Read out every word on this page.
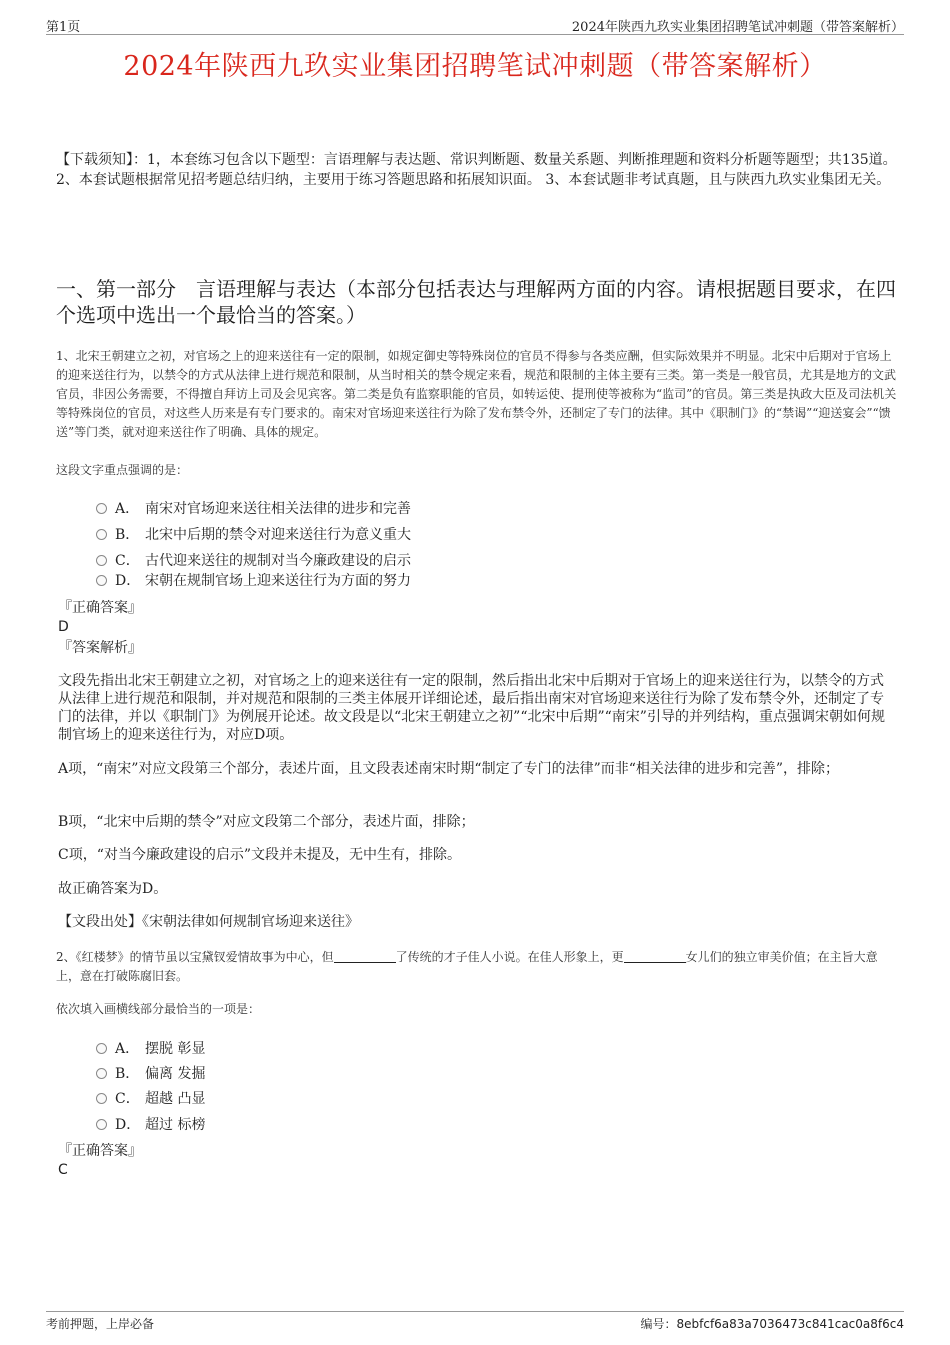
第1页	2024年陕西九玖实业集团招聘笔试冲刺题（带答案解析）
2024年陕西九玖实业集团招聘笔试冲刺题（带答案解析）
【下载须知】：1，本套练习包含以下题型：言语理解与表达题、常识判断题、数量关系题、判断推理题和资料分析题等题型；共135道。 2、本套试题根据常见招考题总结归纳，主要用于练习答题思路和拓展知识面。 3、本套试题非考试真题，且与陕西九玖实业集团无关。
一、第一部分　言语理解与表达（本部分包括表达与理解两方面的内容。请根据题目要求，在四个选项中选出一个最恰当的答案。）
1、北宋王朝建立之初，对官场之上的迎来送往有一定的限制，如规定御史等特殊岗位的官员不得参与各类应酬，但实际效果并不明显。北宋中后期对于官场上的迎来送往行为，以禁令的方式从法律上进行规范和限制，从当时相关的禁令规定来看，规范和限制的主体主要有三类。第一类是一般官员，尤其是地方的文武官员，非因公务需要，不得擅自拜访上司及会见宾客。第二类是负有监察职能的官员，如转运使、提刑使等被称为“监司”的官员。第三类是执政大臣及司法机关等特殊岗位的官员，对这些人历来是有专门要求的。南宋对官场迎来送往行为除了发布禁令外，还制定了专门的法律。其中《职制门》的“禁谒”“迎送宴会”“馈送”等门类，就对迎来送往作了明确、具体的规定。
这段文字重点强调的是：
A． 南宋对官场迎来送往相关法律的进步和完善
B． 北宋中后期的禁令对迎来送往行为意义重大
C． 古代迎来送往的规制对当今廉政建设的启示
D． 宋朝在规制官场上迎来送往行为方面的努力
『正确答案』
D
『答案解析』
文段先指出北宋王朝建立之初，对官场之上的迎来送往有一定的限制，然后指出北宋中后期对于官场上的迎来送往行为，以禁令的方式从法律上进行规范和限制，并对规范和限制的三类主体展开详细论述，最后指出南宋对官场迎来送往行为除了发布禁令外，还制定了专门的法律，并以《职制门》为例展开论述。故文段是以“北宋王朝建立之初”“北宋中后期”“南宋”引导的并列结构，重点强调宋朝如何规制官场上的迎来送往行为，对应D项。
A项，“南宋”对应文段第三个部分，表述片面，且文段表述南宋时期“制定了专门的法律”而非“相关法律的进步和完善”，排除；
B项，“北宋中后期的禁令”对应文段第二个部分，表述片面，排除；
C项，“对当今廉政建设的启示”文段并未提及，无中生有，排除。
故正确答案为D。
【文段出处】《宋朝法律如何规制官场迎来送往》
2、《红楼梦》的情节虽以宝黛钗爱情故事为中心，但	了传统的才子佳人小说。在佳人形象上，更	女儿们的独立审美价值；在主旨大意上，意在打破陈腐旧套。
依次填入画横线部分最恰当的一项是：
A． 摆脱 彰显
B． 偏离 发掘
C． 超越 凸显
D． 超过 标榜
『正确答案』
C
考前押题，上岸必备	编号：8ebfcf6a83a7036473c841cac0a8f6c4
